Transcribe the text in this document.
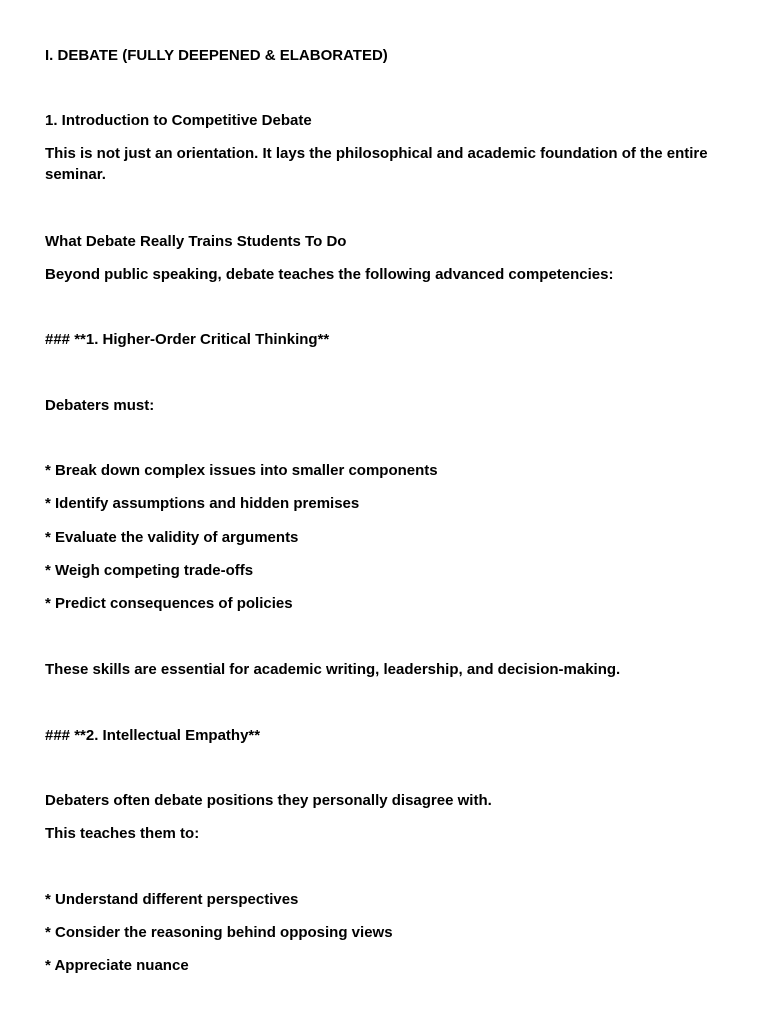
I. DEBATE (FULLY DEEPENED & ELABORATED)
1. Introduction to Competitive Debate
This is not just an orientation. It lays the philosophical and academic foundation of the entire seminar.
What Debate Really Trains Students To Do
Beyond public speaking, debate teaches the following advanced competencies:
### **1. Higher-Order Critical Thinking**
Debaters must:
* Break down complex issues into smaller components
* Identify assumptions and hidden premises
* Evaluate the validity of arguments
* Weigh competing trade-offs
* Predict consequences of policies
These skills are essential for academic writing, leadership, and decision-making.
### **2. Intellectual Empathy**
Debaters often debate positions they personally disagree with.
This teaches them to:
* Understand different perspectives
* Consider the reasoning behind opposing views
* Appreciate nuance
